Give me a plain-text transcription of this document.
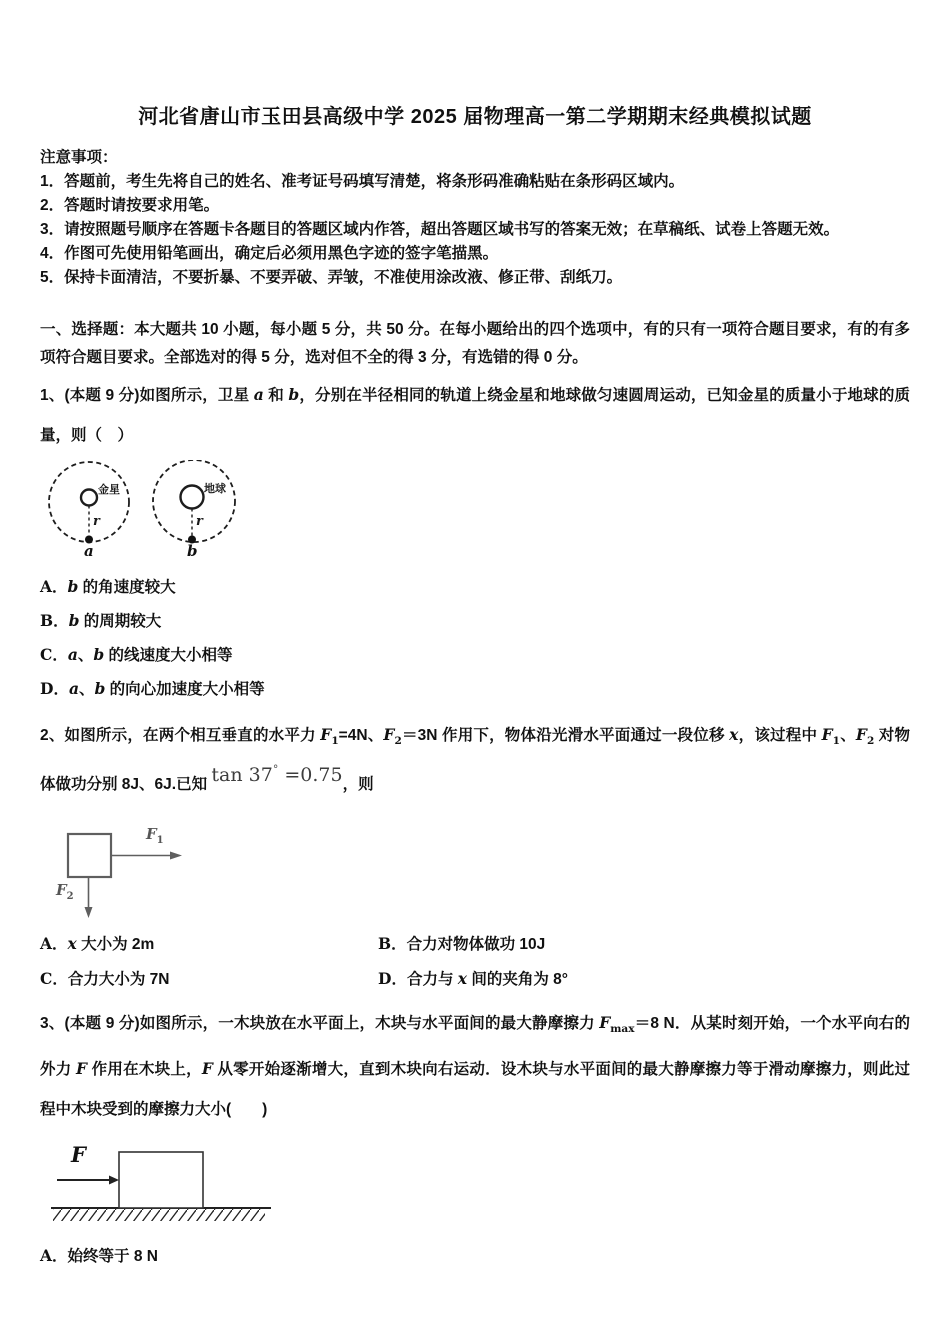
河北省唐山市玉田县高级中学 2025 届物理高一第二学期期末经典模拟试题
注意事项：
1．答题前，考生先将自己的姓名、准考证号码填写清楚，将条形码准确粘贴在条形码区域内。
2．答题时请按要求用笔。
3．请按照题号顺序在答题卡各题目的答题区域内作答，超出答题区域书写的答案无效；在草稿纸、试卷上答题无效。
4．作图可先使用铅笔画出，确定后必须用黑色字迹的签字笔描黑。
5．保持卡面清洁，不要折暴、不要弄破、弄皱，不准使用涂改液、修正带、刮纸刀。
一、选择题：本大题共 10 小题，每小题 5 分，共 50 分。在每小题给出的四个选项中，有的只有一项符合题目要求，有的有多项符合题目要求。全部选对的得 5 分，选对但不全的得 3 分，有选错的得 0 分。
1、(本题 9 分)如图所示，卫星 a 和 b，分别在半径相同的轨道上绕金星和地球做匀速圆周运动，已知金星的质量小于地球的质量，则（　）
金星	地球
r	r
a	b
A．b 的角速度较大
B．b 的周期较大
C．a、b 的线速度大小相等
D．a、b 的向心加速度大小相等
2、如图所示，在两个相互垂直的水平力 $F_1=4N$、$F_2=3N$ 作用下，物体沿光滑水平面通过一段位移 x，该过程中 $F_1$、$F_2$ 对物体做功分别 8J、6J.已知 tan 37° =0.75，则
$F_1$
$F_2$
A．x 大小为 2m	B．合力对物体做功 10J
C．合力大小为 7N	D．合力与 x 间的夹角为 8°
3、(本题 9 分)如图所示，一木块放在水平面上，木块与水平面间的最大静摩擦力 $F_{max}=8$ N．从某时刻开始，一个水平向右的外力 F 作用在木块上，F 从零开始逐渐增大，直到木块向右运动．设木块与水平面间的最大静摩擦力等于滑动摩擦力，则此过程中木块受到的摩擦力大小(　　)
F
A．始终等于 8 N
